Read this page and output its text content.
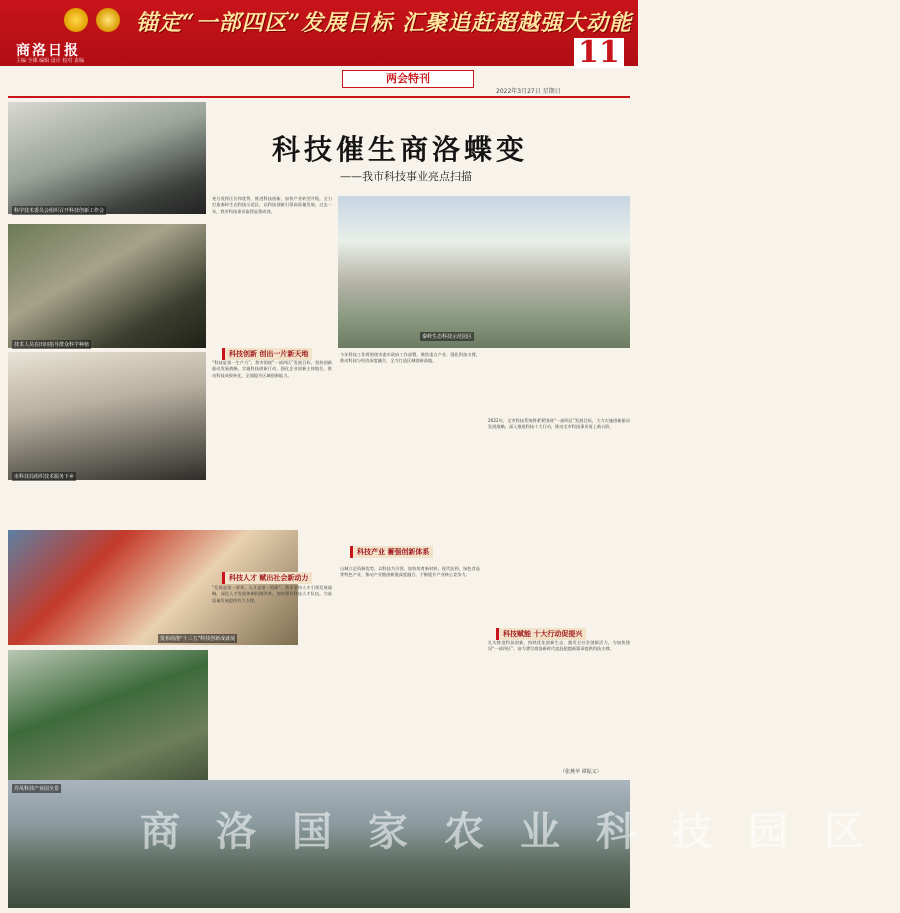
锚定“一部四区”发展目标 汇聚追赶超越强大动能
商洛日报
主编 全媒 编辑 设计 校对 责编	11
两会特刊
2022年3月27日 星期日
科学技术委员会组织召开科技创新工作会
技术人员在田间指导群众科学种植
市科技局组织技术服务下乡
发布商洛“十三五”科技创新成就展
科技催生商洛蝶变
——我市科技事业亮点扫描
秦岭生态科技示范园区
科技创新 创出一片新天地
科技人才 赋出社会新动力
科技产业 蓄强创新体系
科技赋能 十大行动促提兴
充分发挥区位和优势，推进科技创新，加快产业转型升级，全力打造秦岭生态科技示范区，以科技创新引领高质量发展。过去一年，我市科技事业取得显著成效。
“科技是第一生产力”。我市围绕“一部四区”发展目标，坚持创新驱动发展战略，实施科技创新行动，强化企业创新主体地位，推动科技成果转化，全面提升区域创新能力。
“发展是第一要务，人才是第一资源”。我市坚持人才引领发展战略，深化人才发展体制机制改革，加快建设科技人才队伍，为高质量发展提供有力支撑。
今年科技工作将围绕市委市政府工作部署，聚焦重点产业，强化科技支撑，推动科技与经济深度融合，全力打造区域创新高地。
山城立足资源优势，以科技为引领，加快培育新材料、现代医药、绿色食品等特色产业，推动产业链创新链深度融合，不断提升产业核心竞争力。
2022年，全市科技系统将紧紧围绕“一部四区”发展目标，大力实施创新驱动发展战略，深入推进科技十大行动，推动全市科技事业再上新台阶。
扎实推进科技创新，持续优化创新生态，激发全社会创新活力，为加快建设“一部四区”、奋力谱写商洛新时代追赶超越新篇章提供科技支撑。
（张燕苹 谭振义）
丹凤科技产业园全景
商洛国家农业科技园区
